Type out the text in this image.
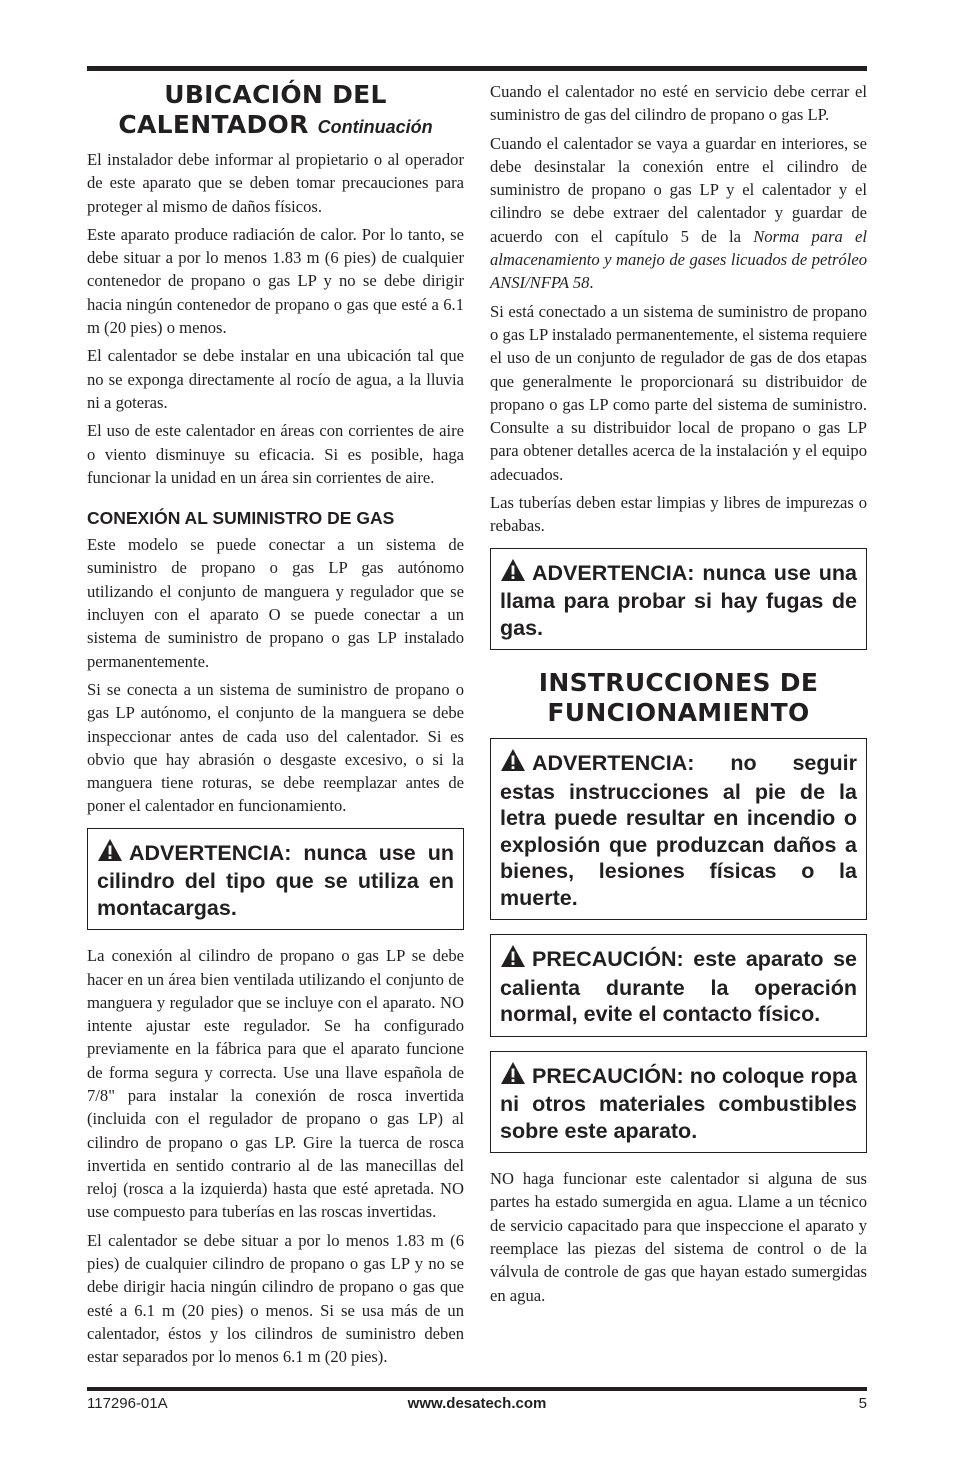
UBICACIÓN DEL
CALENTADOR Continuación

El instalador debe informar al propietario o al operador de este aparato que se deben tomar precauciones para proteger al mismo de daños físicos.

Este aparato produce radiación de calor. Por lo tanto, se debe situar a por lo menos 1.83 m (6 pies) de cualquier contenedor de propano o gas LP y no se debe dirigir hacia ningún contenedor de propano o gas que esté a 6.1 m (20 pies) o menos.

El calentador se debe instalar en una ubicación tal que no se exponga directamente al rocío de agua, a la lluvia ni a goteras.

El uso de este calentador en áreas con corrientes de aire o viento disminuye su eficacia. Si es posible, haga funcionar la unidad en un área sin corrientes de aire.

CONEXIÓN AL SUMINISTRO DE GAS

Este modelo se puede conectar a un sistema de suministro de propano o gas LP gas autónomo utilizando el conjunto de manguera y regulador que se incluyen con el aparato O se puede conectar a un sistema de suministro de propano o gas LP instalado permanentemente.

Si se conecta a un sistema de suministro de propano o gas LP autónomo, el conjunto de la manguera se debe inspeccionar antes de cada uso del calentador. Si es obvio que hay abrasión o desgaste excesivo, o si la manguera tiene roturas, se debe reemplazar antes de poner el calentador en funcionamiento.

ADVERTENCIA: nunca use un cilindro del tipo que se utiliza en montacargas.

La conexión al cilindro de propano o gas LP se debe hacer en un área bien ventilada utilizando el conjunto de manguera y regulador que se incluye con el aparato. NO intente ajustar este regulador. Se ha configurado previamente en la fábrica para que el aparato funcione de forma segura y correcta. Use una llave española de 7/8" para instalar la conexión de rosca invertida (incluida con el regulador de propano o gas LP) al cilindro de propano o gas LP. Gire la tuerca de rosca invertida en sentido contrario al de las manecillas del reloj (rosca a la izquierda) hasta que esté apretada. NO use compuesto para tuberías en las roscas invertidas.

El calentador se debe situar a por lo menos 1.83 m (6 pies) de cualquier cilindro de propano o gas LP y no se debe dirigir hacia ningún cilindro de propano o gas que esté a 6.1 m (20 pies) o menos. Si se usa más de un calentador, éstos y los cilindros de suministro deben estar separados por lo menos 6.1 m (20 pies).

Cuando el calentador no esté en servicio debe cerrar el suministro de gas del cilindro de propano o gas LP.

Cuando el calentador se vaya a guardar en interiores, se debe desinstalar la conexión entre el cilindro de suministro de propano o gas LP y el calentador y el cilindro se debe extraer del calentador y guardar de acuerdo con el capítulo 5 de la Norma para el almacenamiento y manejo de gases licuados de petróleo ANSI/NFPA 58.

Si está conectado a un sistema de suministro de propano o gas LP instalado permanentemente, el sistema requiere el uso de un conjunto de regulador de gas de dos etapas que generalmente le proporcionará su distribuidor de propano o gas LP como parte del sistema de suministro. Consulte a su distribuidor local de propano o gas LP para obtener detalles acerca de la instalación y el equipo adecuados.

Las tuberías deben estar limpias y libres de impurezas o rebabas.

ADVERTENCIA: nunca use una llama para probar si hay fugas de gas.
INSTRUCCIONES DE
FUNCIONAMIENTO
ADVERTENCIA: no seguir estas instrucciones al pie de la letra puede resultar en incendio o explosión que produzcan daños a bienes, lesiones físicas o la muerte.
PRECAUCIÓN: este aparato se calienta durante la operación normal, evite el contacto físico.
PRECAUCIÓN: no coloque ropa ni otros materiales combustibles sobre este aparato.

NO haga funcionar este calentador si alguna de sus partes ha estado sumergida en agua. Llame a un técnico de servicio capacitado para que inspeccione el aparato y reemplace las piezas del sistema de control o de la válvula de controle de gas que hayan estado sumergidas en agua.

117296-01A	www.desatech.com	5
